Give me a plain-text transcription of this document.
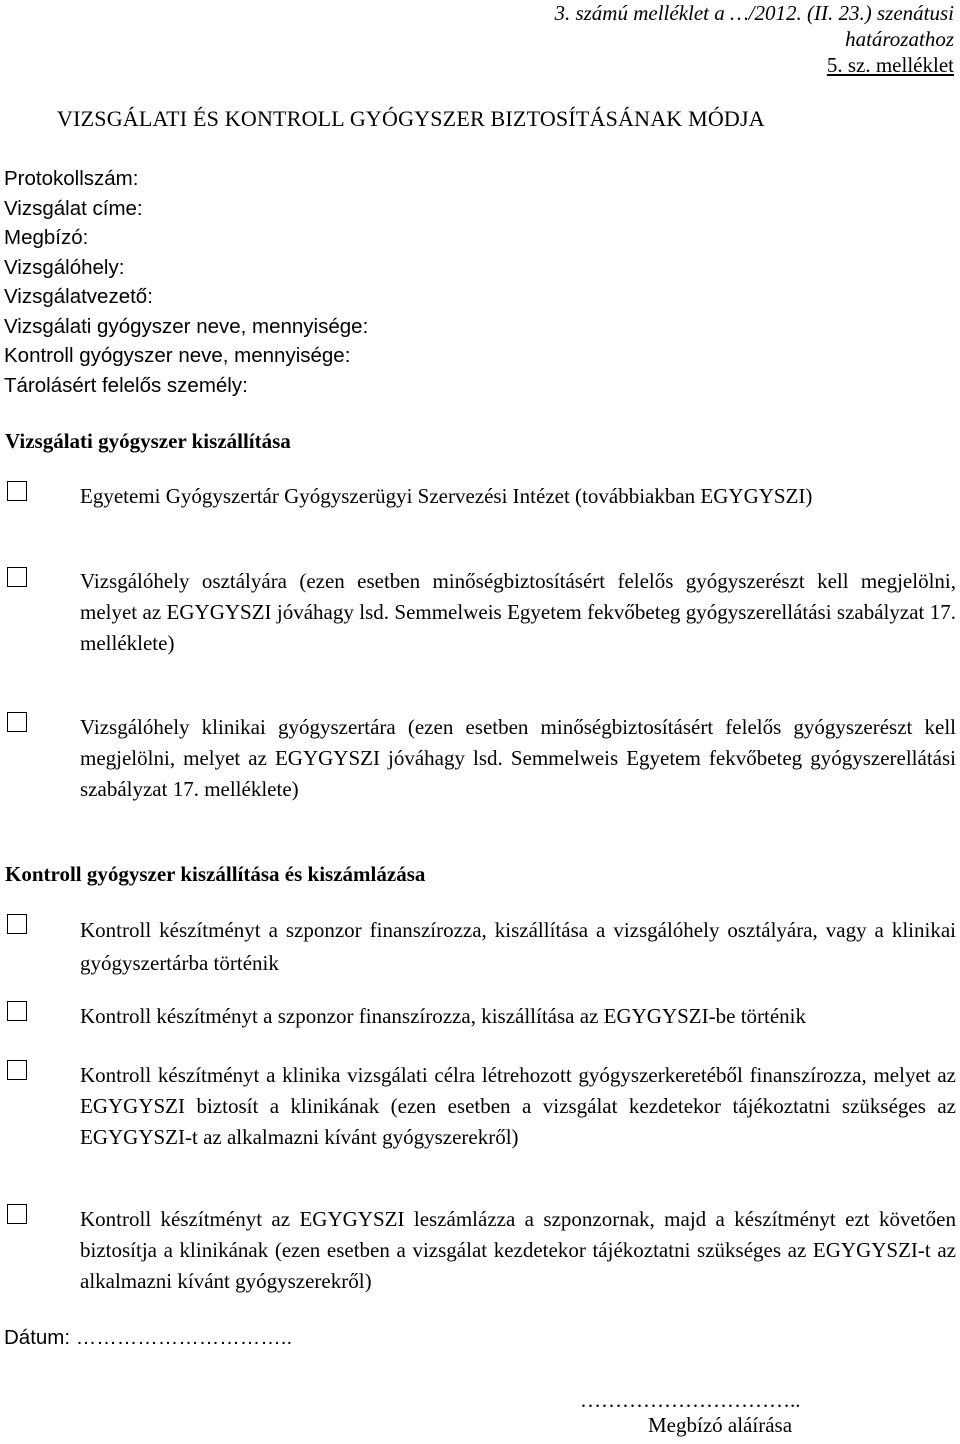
3. számú melléklet a …/2012. (II. 23.) szenátusi
határozathoz
5. sz. melléklet
VIZSGÁLATI ÉS KONTROLL GYÓGYSZER BIZTOSÍTÁSÁNAK MÓDJA
Protokollszám:
Vizsgálat címe:
Megbízó:
Vizsgálóhely:
Vizsgálatvezető:
Vizsgálati gyógyszer neve, mennyisége:
Kontroll gyógyszer neve, mennyisége:
Tárolásért felelős személy:
Vizsgálati gyógyszer kiszállítása
Egyetemi Gyógyszertár Gyógyszerügyi Szervezési Intézet (továbbiakban EGYGYSZI)
Vizsgálóhely osztályára (ezen esetben minőségbiztosításért felelős gyógyszerészt kell megjelölni, melyet az EGYGYSZI jóváhagy lsd. Semmelweis Egyetem fekvőbeteg gyógyszerellátási szabályzat 17. melléklete)
Vizsgálóhely klinikai gyógyszertára (ezen esetben minőségbiztosításért felelős gyógyszerészt kell megjelölni, melyet az EGYGYSZI jóváhagy lsd. Semmelweis Egyetem fekvőbeteg gyógyszerellátási szabályzat 17. melléklete)
Kontroll gyógyszer kiszállítása és kiszámlázása
Kontroll készítményt a szponzor finanszírozza, kiszállítása a vizsgálóhely osztályára, vagy a klinikai gyógyszertárba történik
Kontroll készítményt a szponzor finanszírozza, kiszállítása az EGYGYSZI-be történik
Kontroll készítményt a klinika vizsgálati célra létrehozott gyógyszerkeretéből finanszírozza, melyet az EGYGYSZI biztosít a klinikának (ezen esetben a vizsgálat kezdetekor tájékoztatni szükséges az EGYGYSZI-t az alkalmazni kívánt gyógyszerekről)
Kontroll készítményt az EGYGYSZI leszámlázza a szponzornak, majd a készítményt ezt követően biztosítja a klinikának (ezen esetben a vizsgálat kezdetekor tájékoztatni szükséges az EGYGYSZI-t az alkalmazni kívánt gyógyszerekről)
Dátum: …………………………..
…………………………..
Megbízó aláírása
